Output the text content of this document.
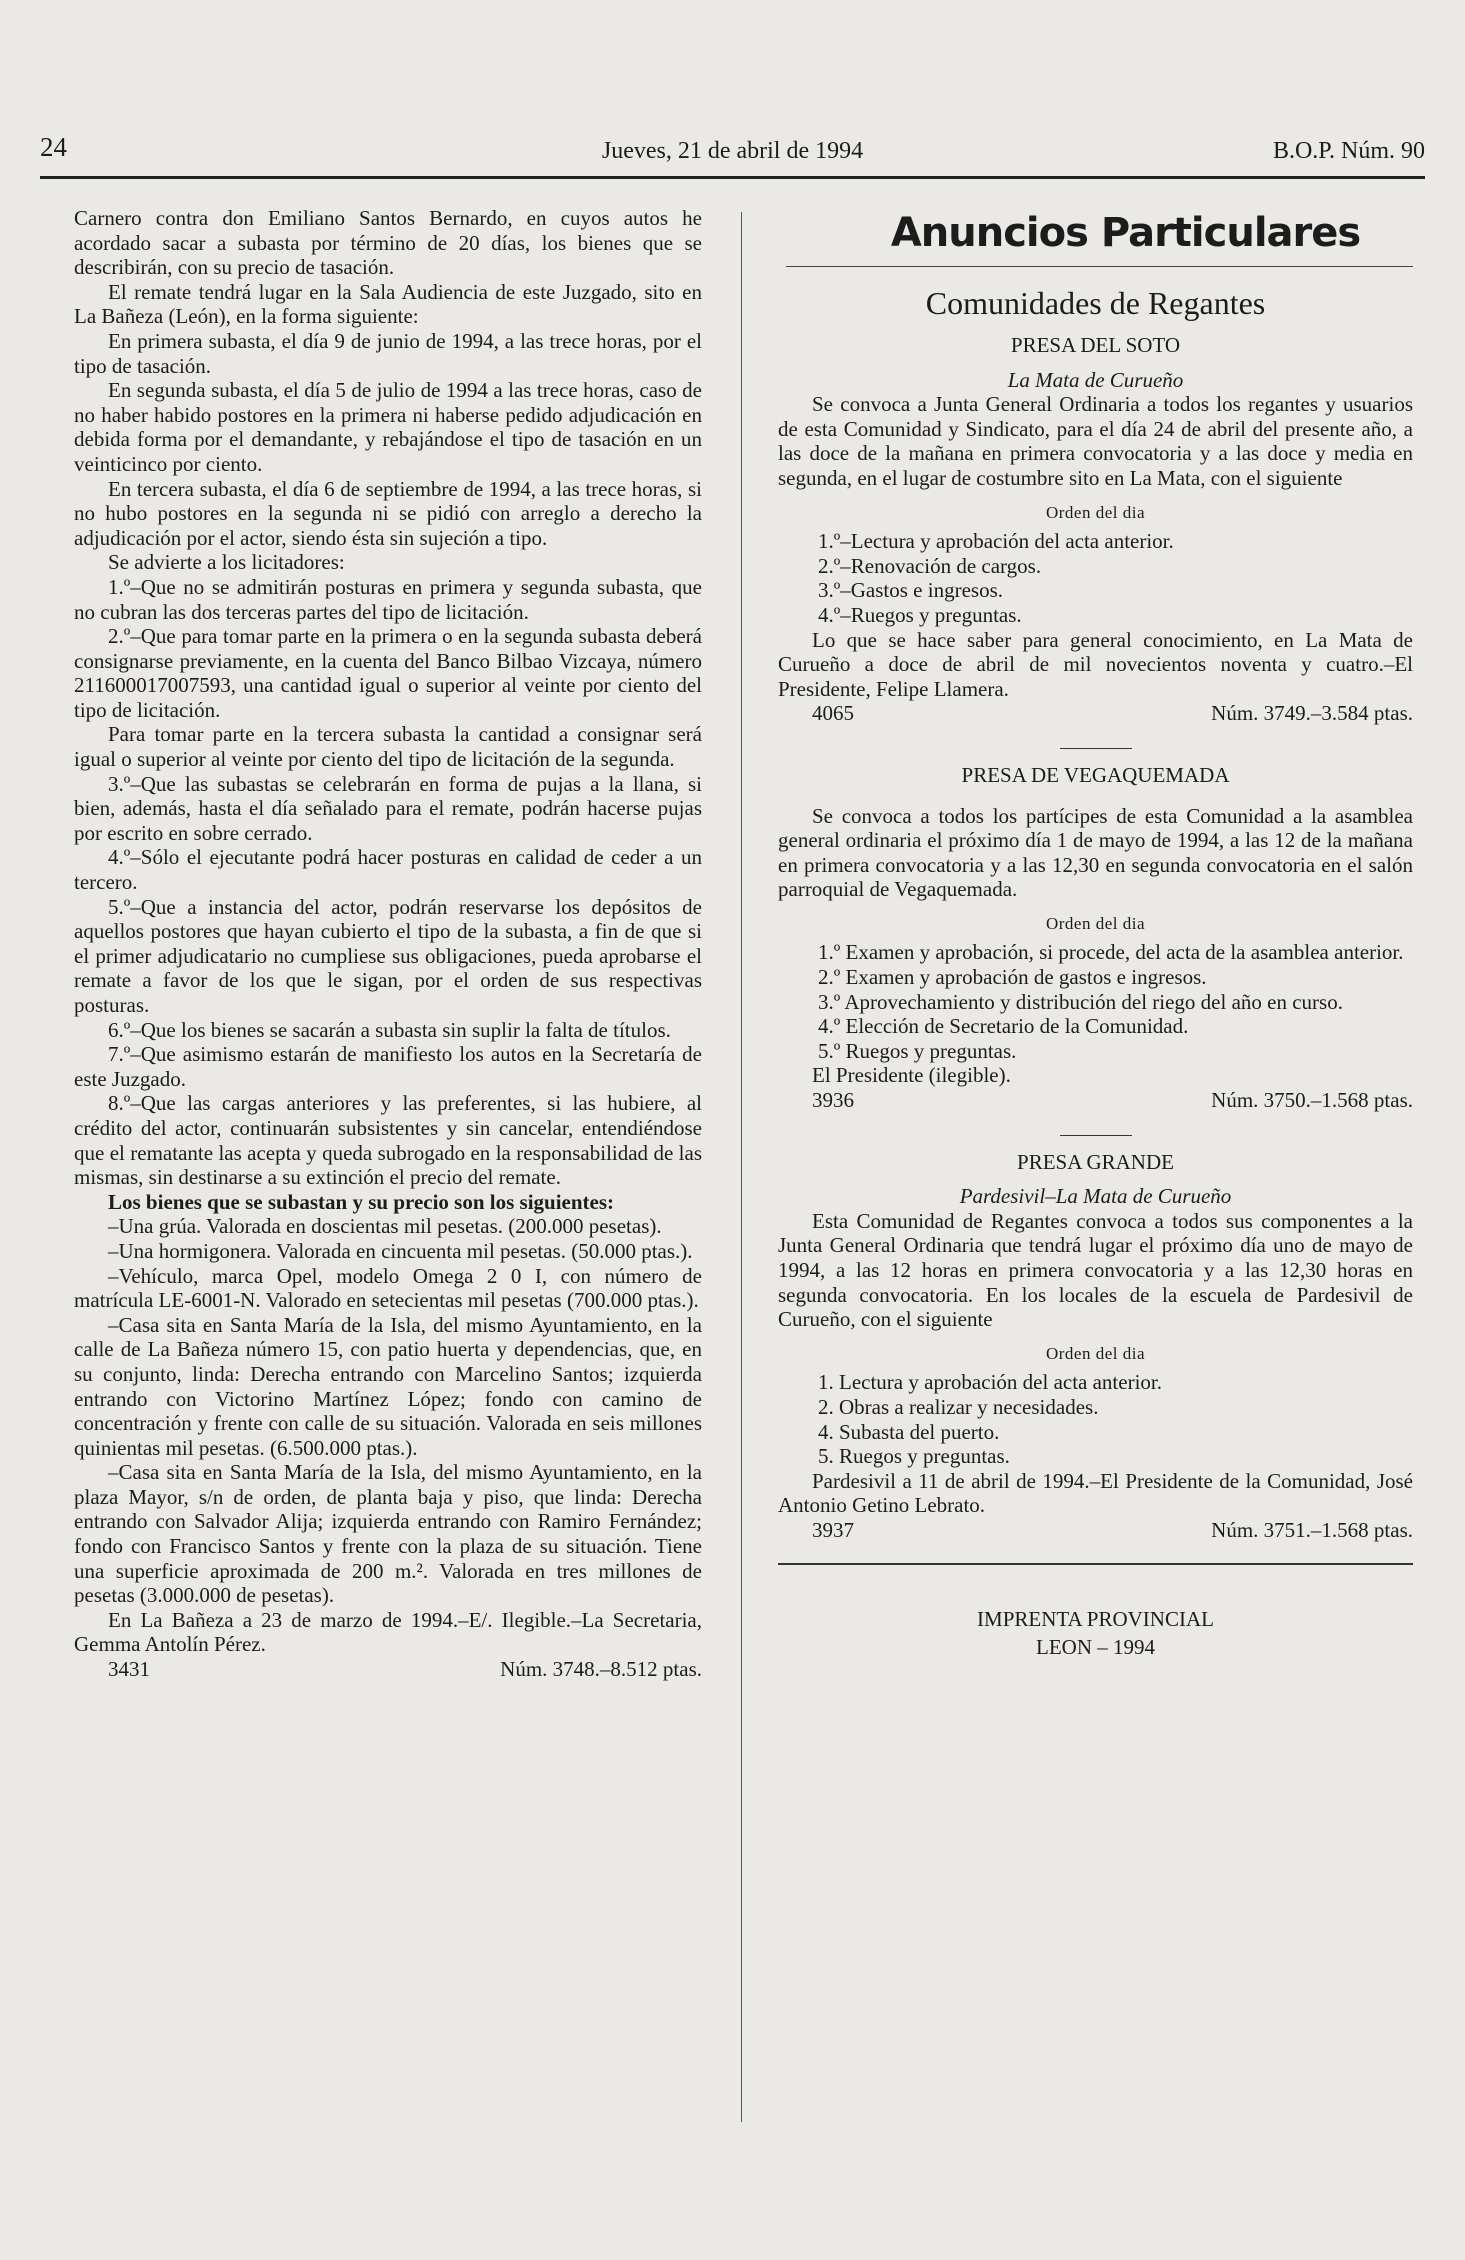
24	Jueves, 21 de abril de 1994	B.O.P. Núm. 90

Carnero contra don Emiliano Santos Bernardo, en cuyos autos he acordado sacar a subasta por término de 20 días, los bienes que se describirán, con su precio de tasación.

El remate tendrá lugar en la Sala Audiencia de este Juzgado, sito en La Bañeza (León), en la forma siguiente:

En primera subasta, el día 9 de junio de 1994, a las trece horas, por el tipo de tasación.

En segunda subasta, el día 5 de julio de 1994 a las trece horas, caso de no haber habido postores en la primera ni haberse pedido adjudicación en debida forma por el demandante, y rebajándose el tipo de tasación en un veinticinco por ciento.

En tercera subasta, el día 6 de septiembre de 1994, a las trece horas, si no hubo postores en la segunda ni se pidió con arreglo a derecho la adjudicación por el actor, siendo ésta sin sujeción a tipo.

Se advierte a los licitadores:

1.º–Que no se admitirán posturas en primera y segunda subasta, que no cubran las dos terceras partes del tipo de licitación.

2.º–Que para tomar parte en la primera o en la segunda subasta deberá consignarse previamente, en la cuenta del Banco Bilbao Vizcaya, número 211600017007593, una cantidad igual o superior al veinte por ciento del tipo de licitación.

Para tomar parte en la tercera subasta la cantidad a consignar será igual o superior al veinte por ciento del tipo de licitación de la segunda.

3.º–Que las subastas se celebrarán en forma de pujas a la llana, si bien, además, hasta el día señalado para el remate, podrán hacerse pujas por escrito en sobre cerrado.

4.º–Sólo el ejecutante podrá hacer posturas en calidad de ceder a un tercero.

5.º–Que a instancia del actor, podrán reservarse los depósitos de aquellos postores que hayan cubierto el tipo de la subasta, a fin de que si el primer adjudicatario no cumpliese sus obligaciones, pueda aprobarse el remate a favor de los que le sigan, por el orden de sus respectivas posturas.

6.º–Que los bienes se sacarán a subasta sin suplir la falta de títulos.

7.º–Que asimismo estarán de manifiesto los autos en la Secretaría de este Juzgado.

8.º–Que las cargas anteriores y las preferentes, si las hubiere, al crédito del actor, continuarán subsistentes y sin cancelar, entendiéndose que el rematante las acepta y queda subrogado en la responsabilidad de las mismas, sin destinarse a su extinción el precio del remate.

Los bienes que se subastan y su precio son los siguientes:

–Una grúa. Valorada en doscientas mil pesetas. (200.000 pesetas).

–Una hormigonera. Valorada en cincuenta mil pesetas. (50.000 ptas.).

–Vehículo, marca Opel, modelo Omega 2 0 I, con número de matrícula LE-6001-N. Valorado en setecientas mil pesetas (700.000 ptas.).

–Casa sita en Santa María de la Isla, del mismo Ayuntamiento, en la calle de La Bañeza número 15, con patio huerta y dependencias, que, en su conjunto, linda: Derecha entrando con Marcelino Santos; izquierda entrando con Victorino Martínez López; fondo con camino de concentración y frente con calle de su situación. Valorada en seis millones quinientas mil pesetas. (6.500.000 ptas.).

–Casa sita en Santa María de la Isla, del mismo Ayuntamiento, en la plaza Mayor, s/n de orden, de planta baja y piso, que linda: Derecha entrando con Salvador Alija; izquierda entrando con Ramiro Fernández; fondo con Francisco Santos y frente con la plaza de su situación. Tiene una superficie aproximada de 200 m.². Valorada en tres millones de pesetas (3.000.000 de pesetas).

En La Bañeza a 23 de marzo de 1994.–E/. Ilegible.–La Secretaria, Gemma Antolín Pérez.

3431	Núm. 3748.–8.512 ptas.
Anuncios Particulares
Comunidades de Regantes

PRESA DEL SOTO

La Mata de Curueño

Se convoca a Junta General Ordinaria a todos los regantes y usuarios de esta Comunidad y Sindicato, para el día 24 de abril del presente año, a las doce de la mañana en primera convocatoria y a las doce y media en segunda, en el lugar de costumbre sito en La Mata, con el siguiente

Orden del dia

1.º–Lectura y aprobación del acta anterior.

2.º–Renovación de cargos.

3.º–Gastos e ingresos.

4.º–Ruegos y preguntas.

Lo que se hace saber para general conocimiento, en La Mata de Curueño a doce de abril de mil novecientos noventa y cuatro.–El Presidente, Felipe Llamera.

4065	Núm. 3749.–3.584 ptas.

PRESA DE VEGAQUEMADA

Se convoca a todos los partícipes de esta Comunidad a la asamblea general ordinaria el próximo día 1 de mayo de 1994, a las 12 de la mañana en primera convocatoria y a las 12,30 en segunda convocatoria en el salón parroquial de Vegaquemada.

Orden del dia

1.º Examen y aprobación, si procede, del acta de la asamblea anterior.

2.º Examen y aprobación de gastos e ingresos.

3.º Aprovechamiento y distribución del riego del año en curso.

4.º Elección de Secretario de la Comunidad.

5.º Ruegos y preguntas.

El Presidente (ilegible).

3936	Núm. 3750.–1.568 ptas.

PRESA GRANDE

Pardesivil–La Mata de Curueño

Esta Comunidad de Regantes convoca a todos sus componentes a la Junta General Ordinaria que tendrá lugar el próximo día uno de mayo de 1994, a las 12 horas en primera convocatoria y a las 12,30 horas en segunda convocatoria. En los locales de la escuela de Pardesivil de Curueño, con el siguiente

Orden del dia

1. Lectura y aprobación del acta anterior.

2. Obras a realizar y necesidades.

4. Subasta del puerto.

5. Ruegos y preguntas.

Pardesivil a 11 de abril de 1994.–El Presidente de la Comunidad, José Antonio Getino Lebrato.

3937	Núm. 3751.–1.568 ptas.
IMPRENTA PROVINCIAL
LEON – 1994
